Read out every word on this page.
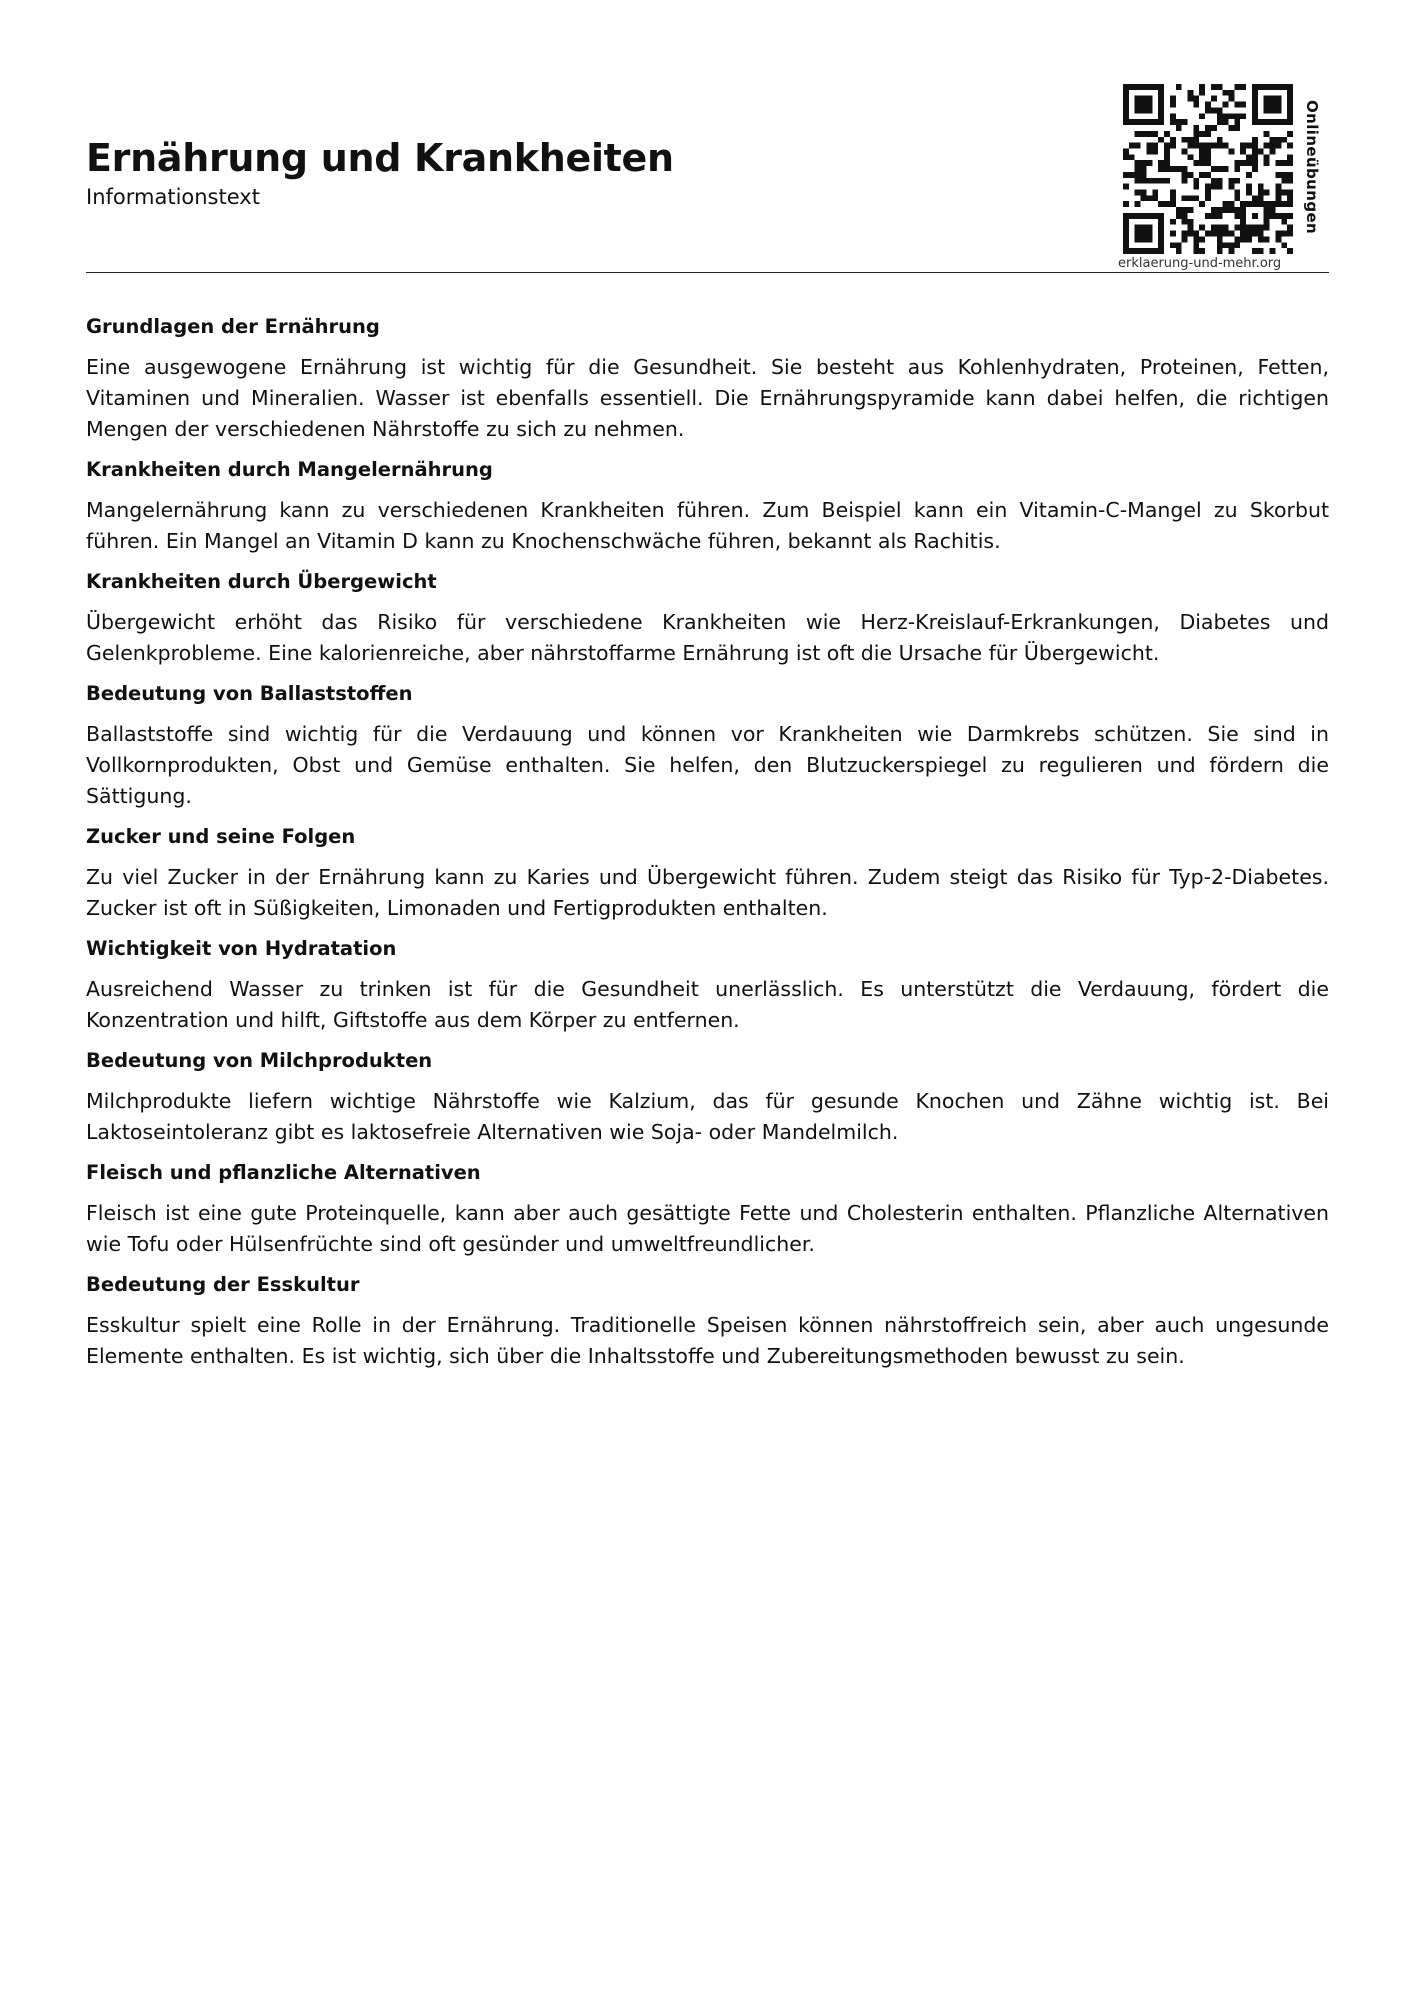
Ernährung und Krankheiten
Informationstext	Onlineübungen
erklaerung-und-mehr.org
Grundlagen der Ernährung

Eine ausgewogene Ernährung ist wichtig für die Gesundheit. Sie besteht aus Kohlenhydraten, Proteinen, Fetten, Vitaminen und Mineralien. Wasser ist ebenfalls essentiell. Die Ernährungspyramide kann dabei helfen, die richtigen Mengen der verschiedenen Nährstoffe zu sich zu nehmen.

Krankheiten durch Mangelernährung

Mangelernährung kann zu verschiedenen Krankheiten führen. Zum Beispiel kann ein Vitamin-C-Mangel zu Skorbut führen. Ein Mangel an Vitamin D kann zu Knochenschwäche führen, bekannt als Rachitis.

Krankheiten durch Übergewicht

Übergewicht erhöht das Risiko für verschiedene Krankheiten wie Herz-Kreislauf-Erkrankungen, Diabetes und Gelenkprobleme. Eine kalorienreiche, aber nährstoffarme Ernährung ist oft die Ursache für Übergewicht.

Bedeutung von Ballaststoffen

Ballaststoffe sind wichtig für die Verdauung und können vor Krankheiten wie Darmkrebs schützen. Sie sind in Vollkornprodukten, Obst und Gemüse enthalten. Sie helfen, den Blutzuckerspiegel zu regulieren und fördern die Sättigung.

Zucker und seine Folgen

Zu viel Zucker in der Ernährung kann zu Karies und Übergewicht führen. Zudem steigt das Risiko für Typ-2-Diabetes. Zucker ist oft in Süßigkeiten, Limonaden und Fertigprodukten enthalten.

Wichtigkeit von Hydratation

Ausreichend Wasser zu trinken ist für die Gesundheit unerlässlich. Es unterstützt die Verdauung, fördert die Konzentration und hilft, Giftstoffe aus dem Körper zu entfernen.

Bedeutung von Milchprodukten

Milchprodukte liefern wichtige Nährstoffe wie Kalzium, das für gesunde Knochen und Zähne wichtig ist. Bei Laktoseintoleranz gibt es laktosefreie Alternativen wie Soja- oder Mandelmilch.

Fleisch und pflanzliche Alternativen

Fleisch ist eine gute Proteinquelle, kann aber auch gesättigte Fette und Cholesterin enthalten. Pflanzliche Alternativen wie Tofu oder Hülsenfrüchte sind oft gesünder und umweltfreundlicher.

Bedeutung der Esskultur

Esskultur spielt eine Rolle in der Ernährung. Traditionelle Speisen können nährstoffreich sein, aber auch ungesunde Elemente enthalten. Es ist wichtig, sich über die Inhaltsstoffe und Zubereitungsmethoden bewusst zu sein.
